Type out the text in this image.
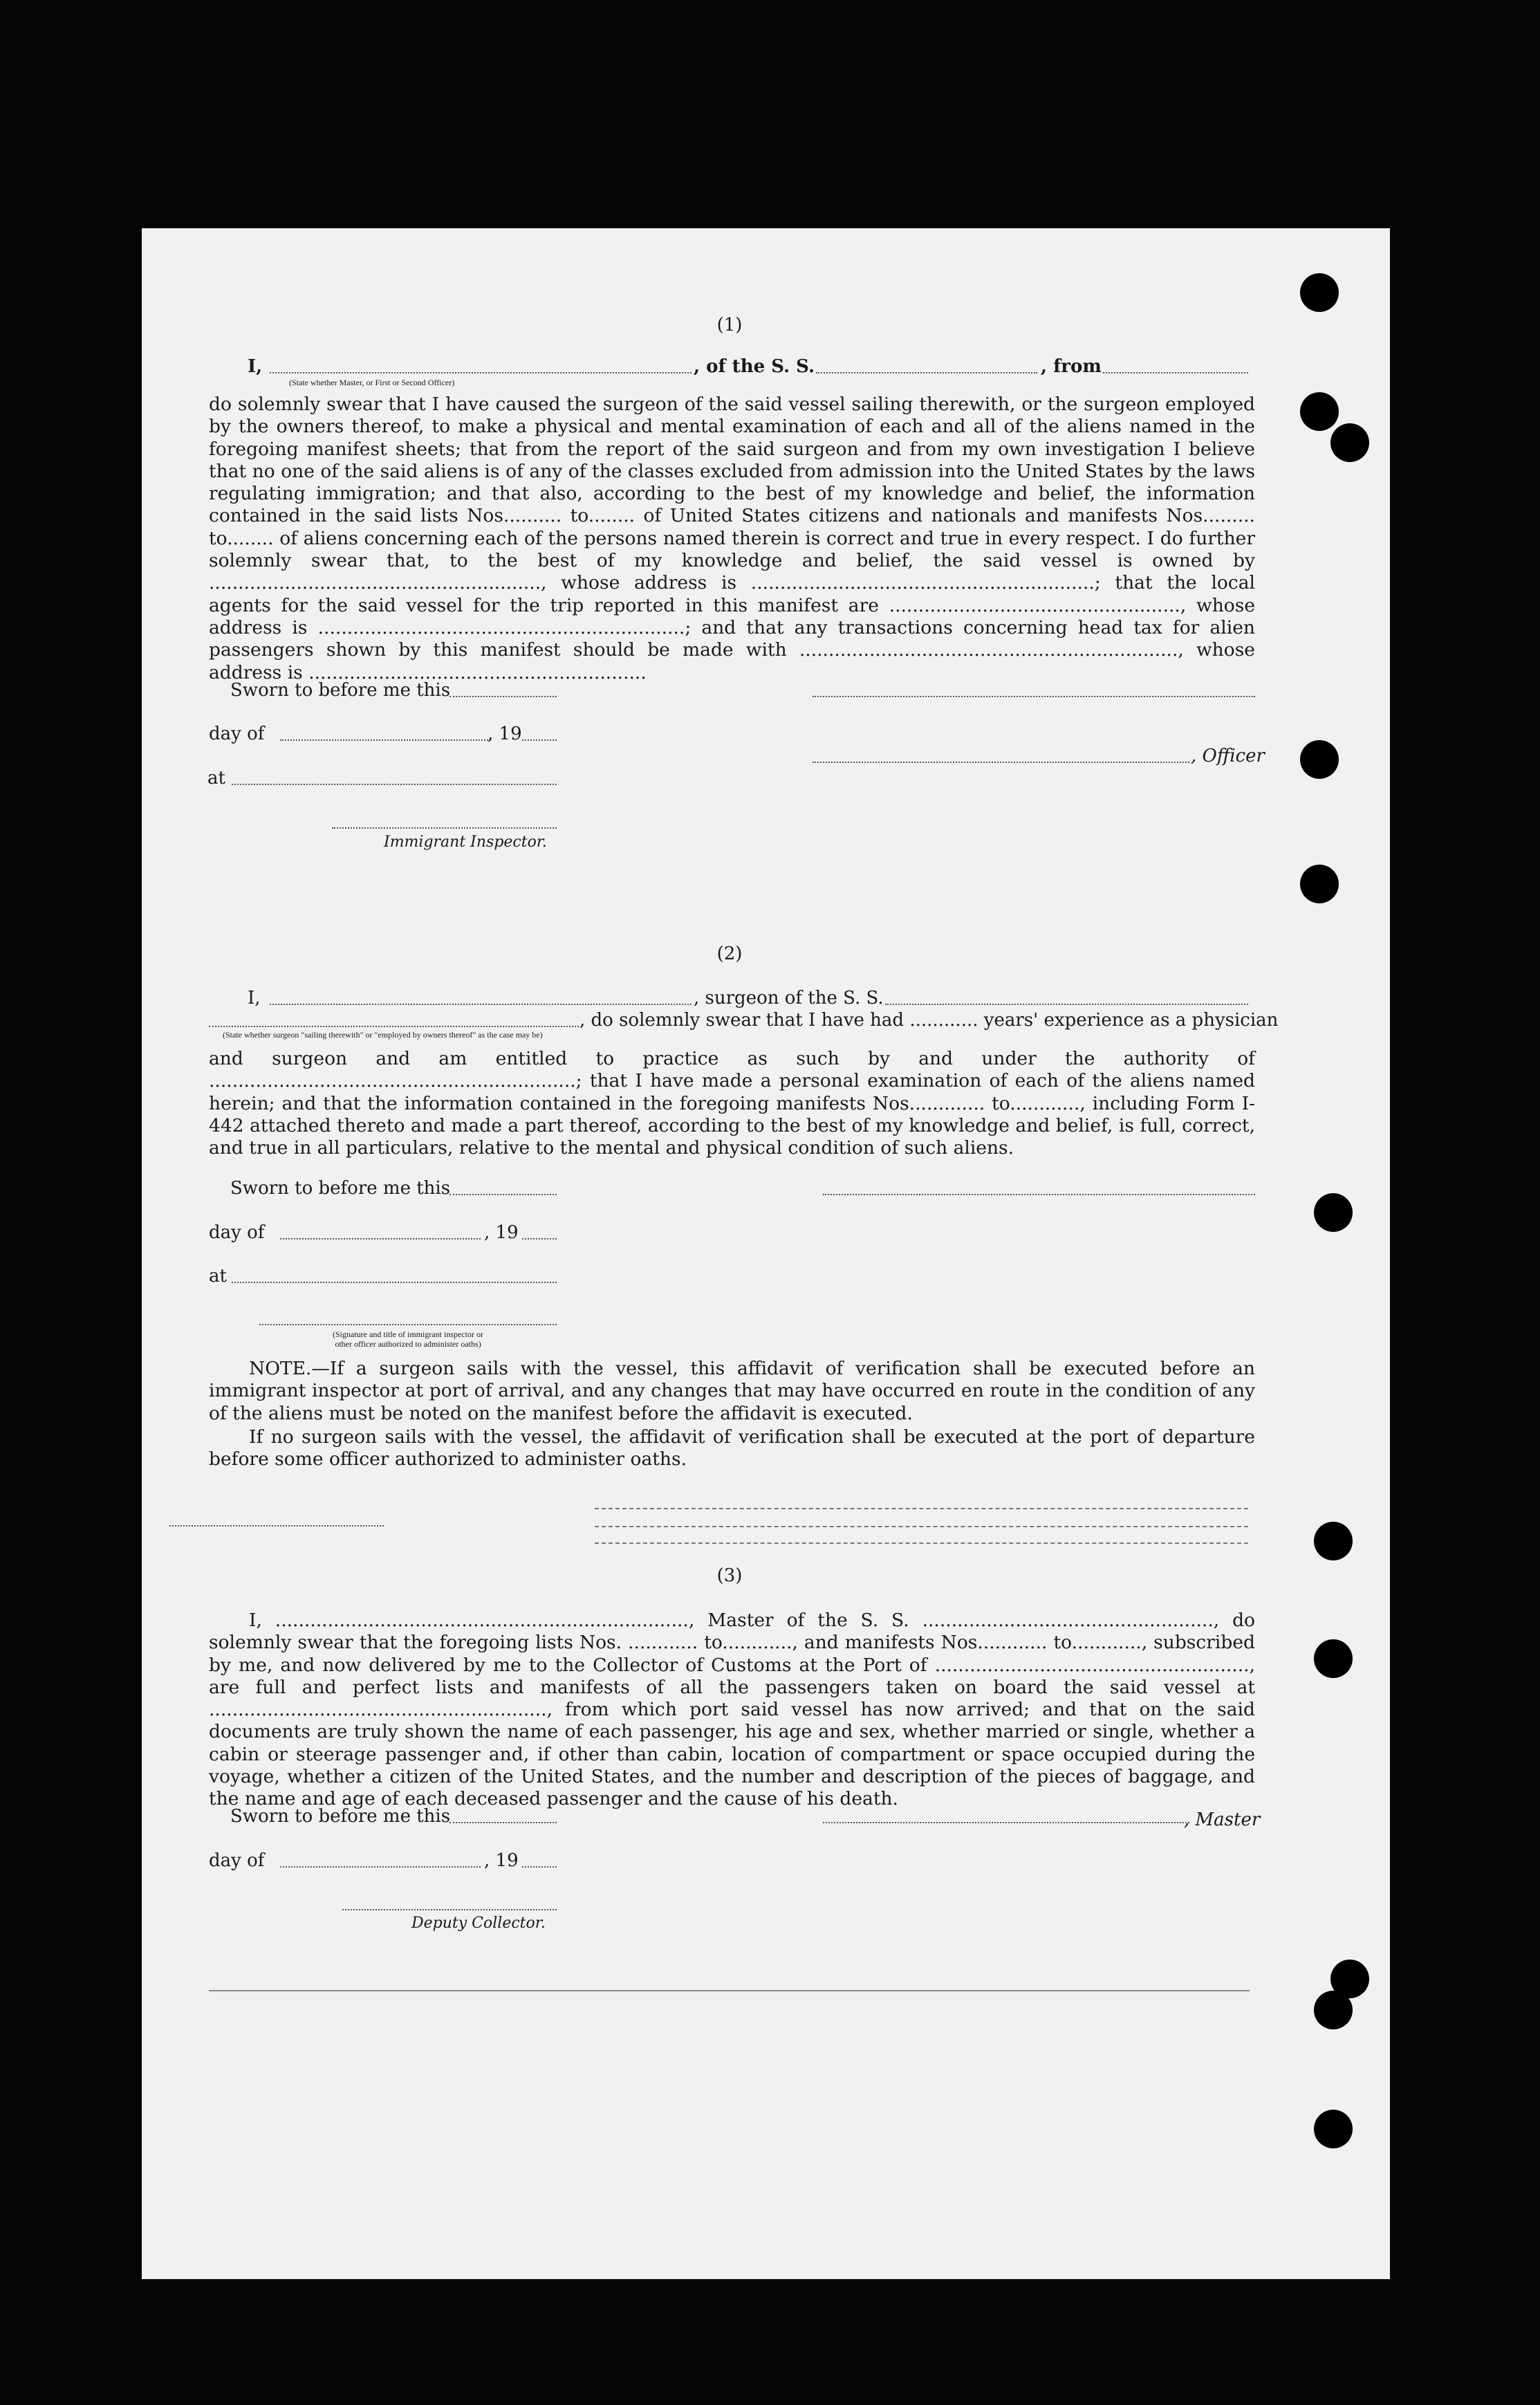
(1)
I,	, of the S. S.	, from
(State whether Master, or First or Second Officer)
do solemnly swear that I have caused the surgeon of the said vessel sailing therewith, or the surgeon employed by the owners thereof, to make a physical and mental examination of each and all of the aliens named in the foregoing manifest sheets; that from the report of the said surgeon and from my own investigation I believe that no one of the said aliens is of any of the classes excluded from admission into the United States by the laws regulating immigration; and that also, according to the best of my knowledge and belief, the information contained in the said lists Nos.......... to........ of United States citizens and nationals and manifests Nos......... to........ of aliens concerning each of the persons named therein is correct and true in every respect. I do further solemnly swear that, to the best of my knowledge and belief, the said vessel is owned by ........................................................., whose address is ...........................................................; that the local agents for the said vessel for the trip reported in this manifest are .................................................., whose address is ...............................................................; and that any transactions concerning head tax for alien passengers shown by this manifest should be made with ................................................................., whose address is ..........................................................
Sworn to before me this
day of	, 19
, Officer
at
Immigrant Inspector.
(2)
I,	, surgeon of the S. S.
, do solemnly swear that I have had ............ years' experience as a physician
(State whether surgeon "sailing therewith" or "employed by owners thereof" as the case may be)
and surgeon and am entitled to practice as such by and under the authority of ...............................................................; that I have made a personal examination of each of the aliens named herein; and that the information contained in the foregoing manifests Nos............. to............, including Form I-442 attached thereto and made a part thereof, according to the best of my knowledge and belief, is full, correct, and true in all particulars, relative to the mental and physical condition of such aliens.
Sworn to before me this
day of	, 19
at
(Signature and title of immigrant inspector or
other officer authorized to administer oaths)
NOTE.—If a surgeon sails with the vessel, this affidavit of verification shall be executed before an immigrant inspector at port of arrival, and any changes that may have occurred en route in the condition of any of the aliens must be noted on the manifest before the affidavit is executed.
If no surgeon sails with the vessel, the affidavit of verification shall be executed at the port of departure before some officer authorized to administer oaths.
(3)
I, ......................................................................., Master of the S. S. .................................................., do solemnly swear that the foregoing lists Nos. ............ to............, and manifests Nos............ to............, subscribed by me, and now delivered by me to the Collector of Customs at the Port of ......................................................, are full and perfect lists and manifests of all the passengers taken on board the said vessel at .........................................................., from which port said vessel has now arrived; and that on the said documents are truly shown the name of each passenger, his age and sex, whether married or single, whether a cabin or steerage passenger and, if other than cabin, location of compartment or space occupied during the voyage, whether a citizen of the United States, and the number and description of the pieces of baggage, and the name and age of each deceased passenger and the cause of his death.
Sworn to before me this	, Master
day of	, 19
Deputy Collector.
